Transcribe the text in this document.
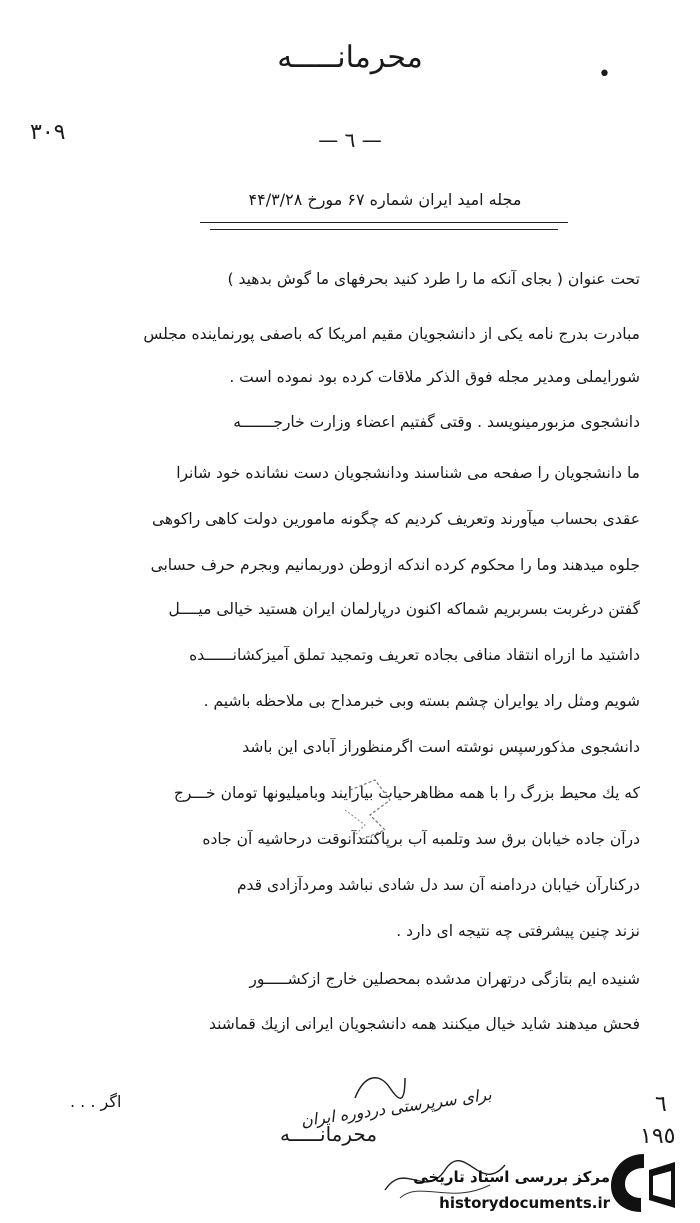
محرمانـــــه	•
٣٠٩	— ٦ —
مجله امید ایران شماره ۶۷ مورخ ۴۴/۳/۲۸
تحت عنوان ( بجای آنکه ما را طرد کنید بحرفهای ما گوش بدهید )
مبادرت بدرج نامه یکی از دانشجویان مقیم امریکا که باصفی پورنماینده مجلس
شورایملی ومدیر مجله فوق الذکر ملاقات کرده بود نموده است .
دانشجوی مزبورمینویسد . وقتی گفتیم اعضاء وزارت خارجـــــــه
ما دانشجویان را صفحه می شناسند ودانشجویان دست نشانده خود شانرا
عقدی بحساب میآورند وتعریف کردیم که چگونه مامورین دولت کاهی راکوهی
جلوه میدهند وما را محکوم کرده اندکه ازوطن دوربمانیم وبجرم حرف حسابی
گفتن درغربت بسربریم شماکه اکنون درپارلمان ایران هستید خیالی میــــل
داشتید ما ازراه انتقاد منافی بجاده تعریف وتمجید تملق آمیزکشانــــــده
شویم ومثل راد یوایران چشم بسته وبی خبرمداح بی ملاحظه باشیم .
دانشجوی مذکورسپس نوشته است اگرمنظوراز آبادی این باشد
که یك محیط بزرگ را با همه مظاهرحیات بیارایند وبامیلیونها تومان خـــرج
درآن جاده خیابان برق سد وتلمبه آب برپاکنندآنوقت درحاشیه آن جاده
درکنارآن خیابان دردامنه آن سد دل شادی نباشد ومردآزادی قدم
نزند چنین پیشرفتی چه نتیجه ای دارد .
شنیده ایم بتازگی درتهران مدشده بمحصلین خارج ازکشـــــور
فحش میدهند شاید خیال میکنند همه دانشجویان ایرانی ازیك قماشند
اگر . . .	برای سرپرستی دردوره ایران
محرمانـــــه
٦
١٩٥
مرکز بررسی اسناد تاریخی
historydocuments.ir
